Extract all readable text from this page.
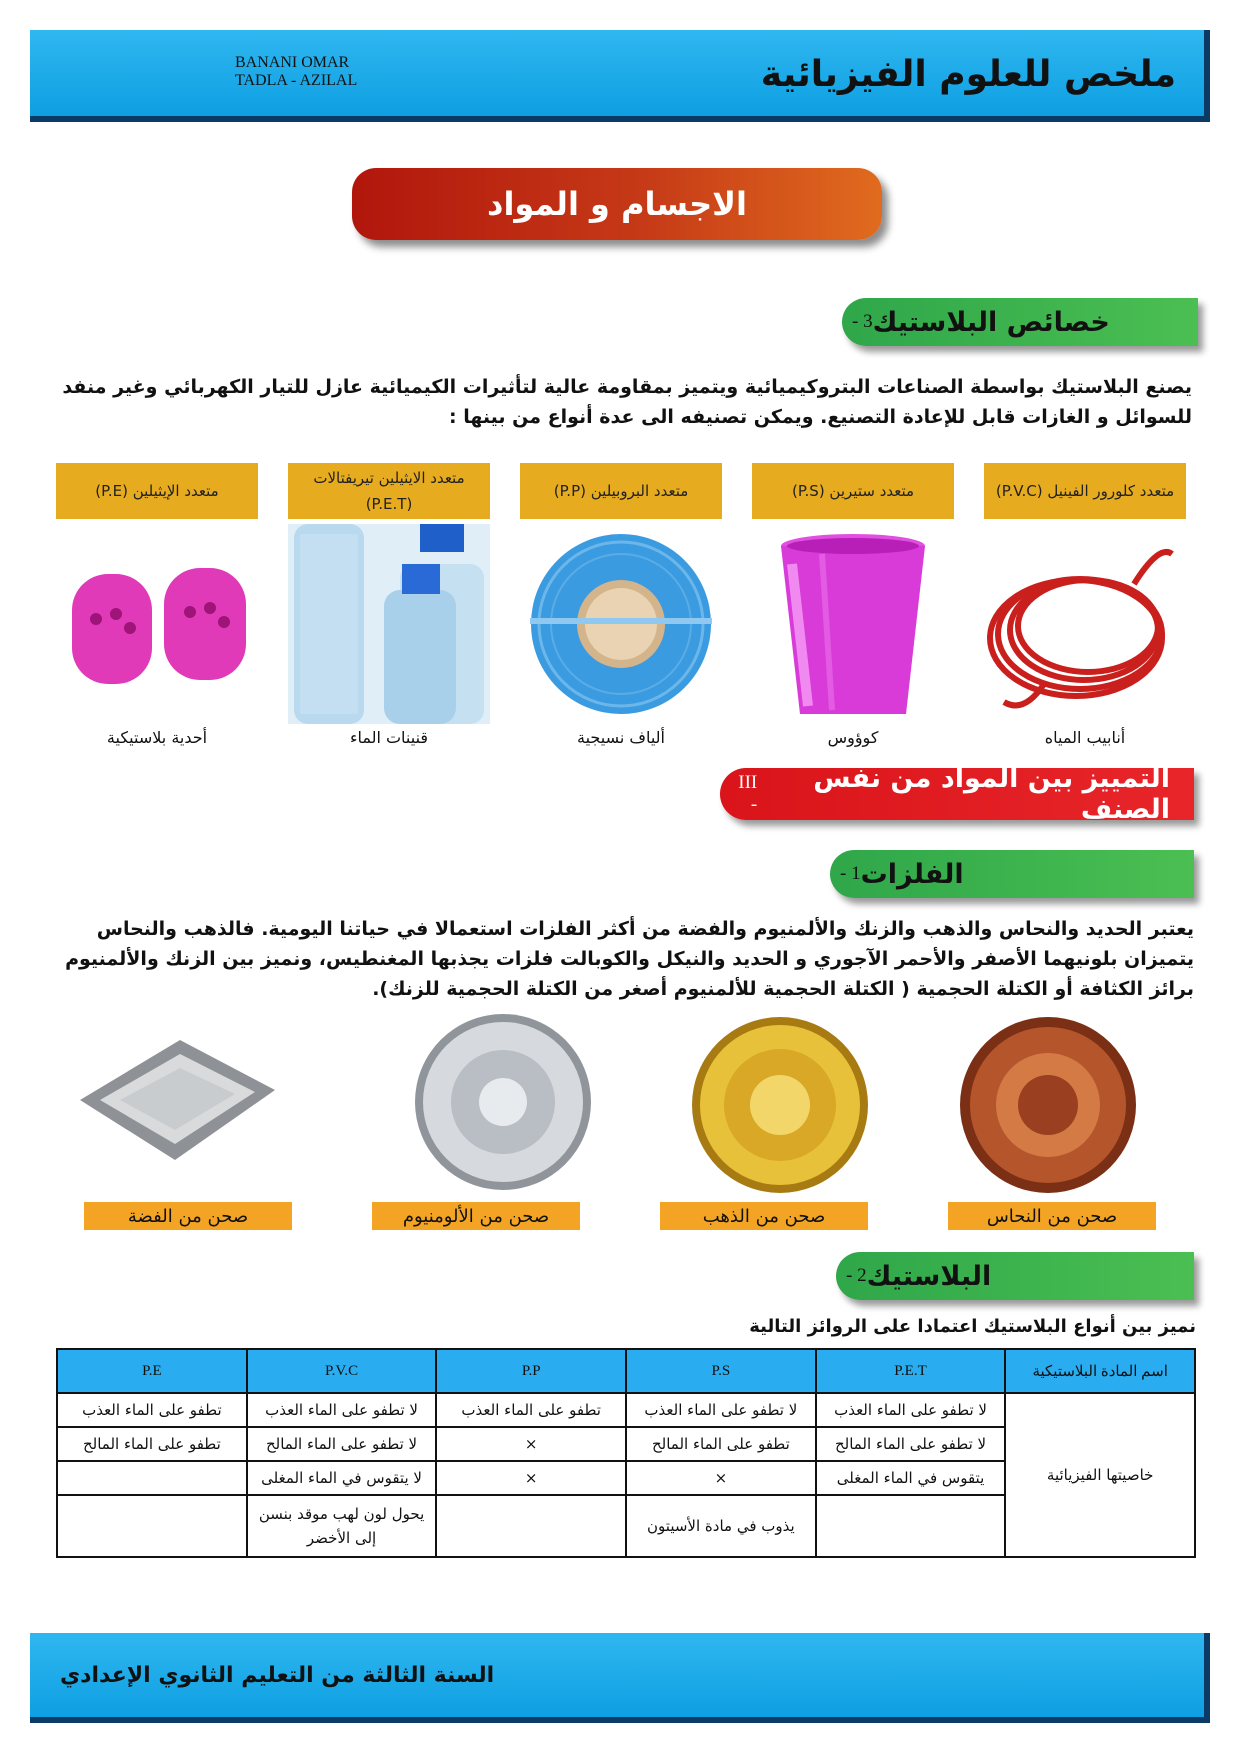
BANANI OMAR
TADLA - AZILAL	ملخص للعلوم الفيزيائية
الاجسام و المواد
خصائص البلاستيك
3 -
يصنع البلاستيك بواسطة الصناعات البتروكيميائية ويتميز بمقاومة عالية لتأثيرات الكيميائية عازل للتيار الكهربائي وغير منفد للسوائل و الغازات قابل للإعادة التصنيع. ويمكن تصنيفه الى عدة أنواع من بينها :
متعدد كلورور الفينيل (P.V.C)
متعدد ستيرين (P.S)
متعدد البروبيلين (P.P)
متعدد الايثيلين تيريفتالات (P.E.T)
متعدد الإيثيلين (P.E)
أنابيب المياه
كوؤوس
ألياف نسيجية
قنينات الماء
أحدية بلاستيكية
التمييز بين المواد من نفس الصنف
III -
الفلزات
1 -
يعتبر الحديد والنحاس والذهب والزنك والألمنيوم والفضة من أكثر الفلزات استعمالا في حياتنا اليومية. فالذهب والنحاس يتميزان بلونيهما الأصفر والأحمر الآجوري و الحديد والنيكل والكوبالت فلزات يجذبها المغنطيس، ونميز بين الزنك والألمنيوم برائز الكثافة أو الكتلة الحجمية ( الكتلة الحجمية للألمنيوم أصغر من الكتلة الحجمية للزنك).
صحن من النحاس
صحن من الذهب
صحن من الألومنيوم
صحن من الفضة
البلاستيك
2 -
نميز بين أنواع البلاستيك اعتمادا على الروائز التالية
اسم المادة البلاستيكية	P.E.T	P.S	P.P	P.V.C	P.E
خاصيتها الفيزيائية	لا تطفو على الماء العذب	لا تطفو على الماء العذب	تطفو على الماء العذب	لا تطفو على الماء العذب	تطفو على الماء العذب
	لا تطفو على الماء المالح	تطفو على الماء المالح	×	لا تطفو على الماء المالح	تطفو على الماء المالح
	يتقوس في الماء المغلى	×	×	لا يتقوس في الماء المغلى	
		يذوب في مادة الأسيتون		يحول لون لهب موقد بنسن إلى الأخضر	
السنة الثالثة من التعليم الثانوي الإعدادي
